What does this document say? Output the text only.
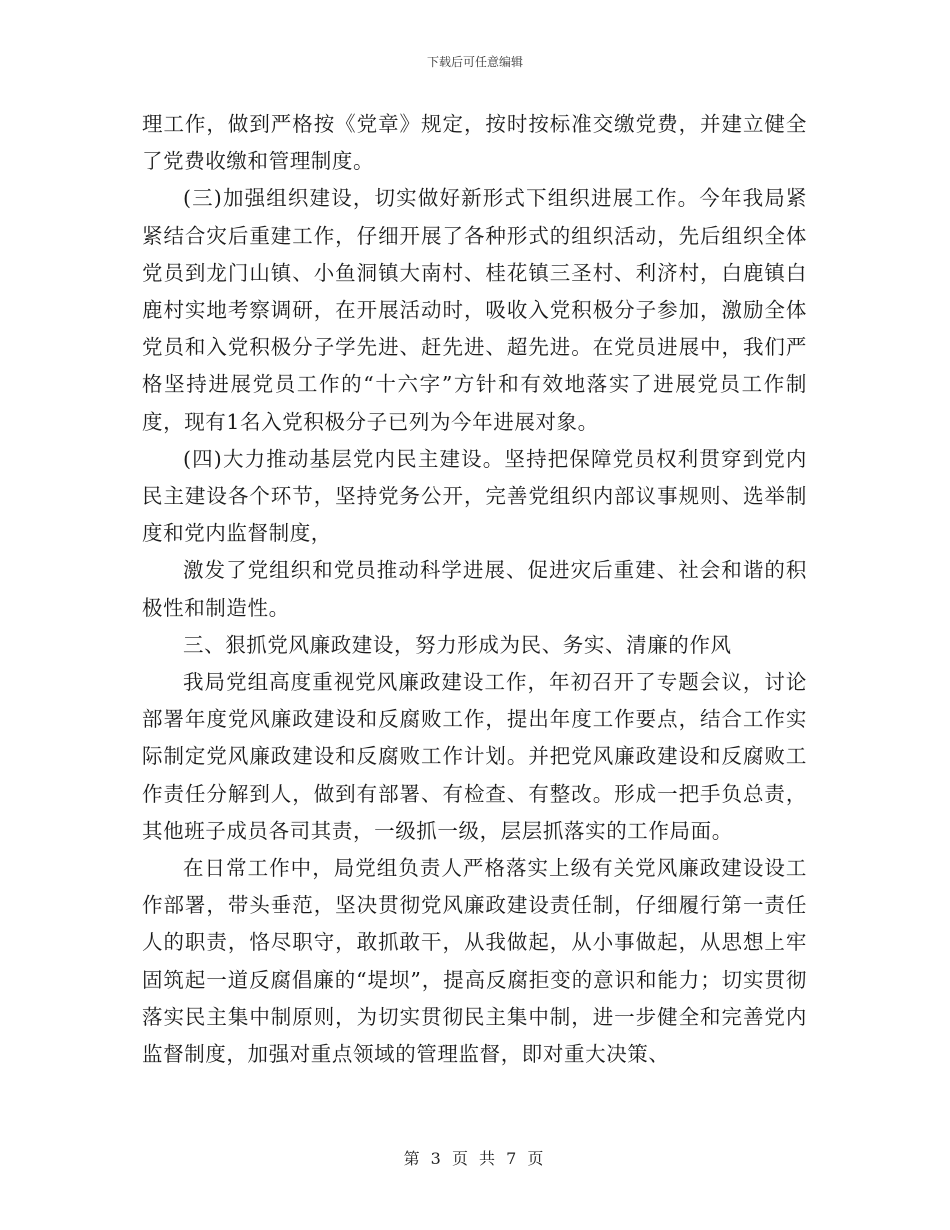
下载后可任意编辑

理工作，做到严格按《党章》规定，按时按标准交缴党费，并建立健全了党费收缴和管理制度。

(三)加强组织建设，切实做好新形式下组织进展工作。今年我局紧紧结合灾后重建工作，仔细开展了各种形式的组织活动，先后组织全体党员到龙门山镇、小鱼洞镇大南村、桂花镇三圣村、利济村，白鹿镇白鹿村实地考察调研，在开展活动时，吸收入党积极分子参加，激励全体党员和入党积极分子学先进、赶先进、超先进。在党员进展中，我们严格坚持进展党员工作的“十六字”方针和有效地落实了进展党员工作制度，现有1名入党积极分子已列为今年进展对象。

(四)大力推动基层党内民主建设。坚持把保障党员权利贯穿到党内民主建设各个环节，坚持党务公开，完善党组织内部议事规则、选举制度和党内监督制度，

激发了党组织和党员推动科学进展、促进灾后重建、社会和谐的积极性和制造性。

三、狠抓党风廉政建设，努力形成为民、务实、清廉的作风

我局党组高度重视党风廉政建设工作，年初召开了专题会议，讨论部署年度党风廉政建设和反腐败工作，提出年度工作要点，结合工作实际制定党风廉政建设和反腐败工作计划。并把党风廉政建设和反腐败工作责任分解到人，做到有部署、有检查、有整改。形成一把手负总责，其他班子成员各司其责，一级抓一级，层层抓落实的工作局面。

在日常工作中，局党组负责人严格落实上级有关党风廉政建设设工作部署，带头垂范，坚决贯彻党风廉政建设责任制，仔细履行第一责任人的职责，恪尽职守，敢抓敢干，从我做起，从小事做起，从思想上牢固筑起一道反腐倡廉的“堤坝”，提高反腐拒变的意识和能力；切实贯彻落实民主集中制原则，为切实贯彻民主集中制，进一步健全和完善党内监督制度，加强对重点领域的管理监督，即对重大决策、

第 3 页 共 7 页
